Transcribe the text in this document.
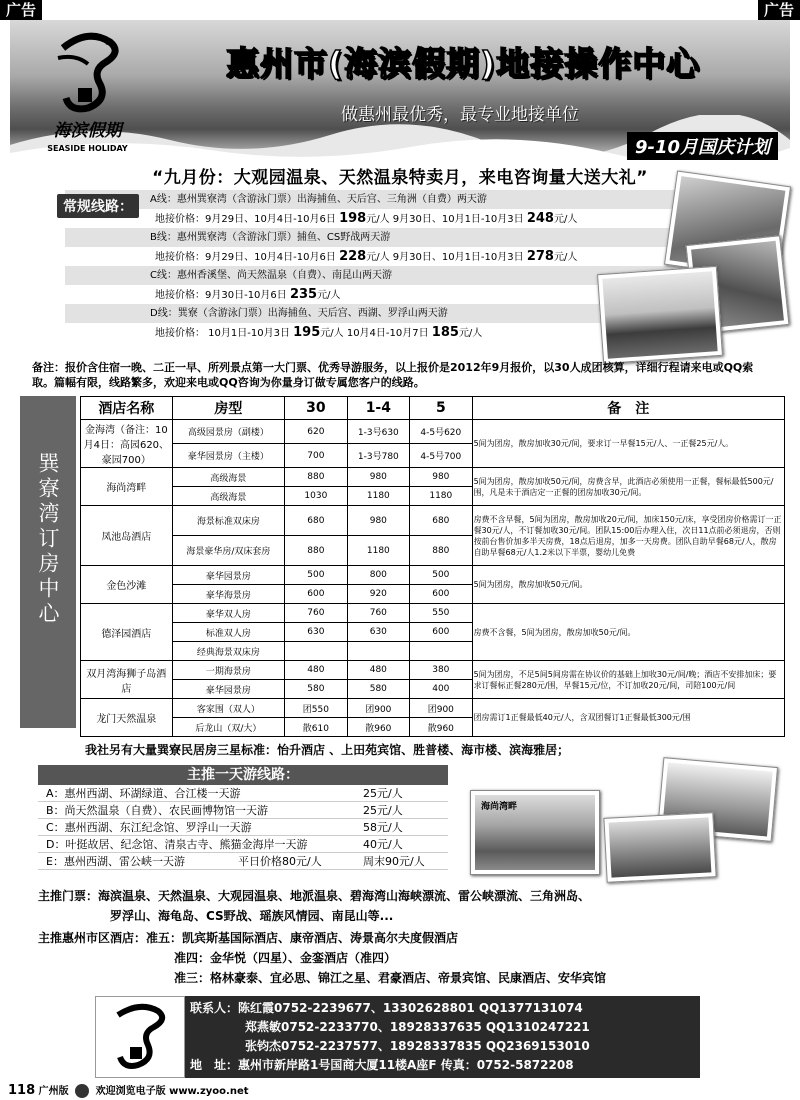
广告	广告
海滨假期
SEASIDE HOLIDAY
惠州市(海滨假期)地接操作中心
做惠州最优秀，最专业地接单位
9-10月国庆计划
“九月份：大观园温泉、天然温泉特卖月，来电咨询量大送大礼”
常规线路：	A线：惠州巽寮湾（含游泳门票）出海捕鱼、天后宫、三角洲（自费）两天游
地接价格：9月29日、10月4日-10月6日 198元/人 9月30日、10月1日-10月3日 248元/人
B线：惠州巽寮湾（含游泳门票）捕鱼、CS野战两天游
地接价格：9月29日、10月4日-10月6日 228元/人 9月30日、10月1日-10月3日 278元/人
C线：惠州香溪堡、尚天然温泉（自费）、南昆山两天游
地接价格：9月30日-10月6日 235元/人
D线：巽寮（含游泳门票）出海捕鱼、天后宫、西湖、罗浮山两天游
地接价格： 10月1日-10月3日 195元/人 10月4日-10月7日 185元/人
备注：报价含住宿一晚、二正一早、所列景点第一大门票、优秀导游服务，以上报价是2012年9月报价，以30人成团核算，详细行程请来电或QQ索取。篇幅有限，线路繁多，欢迎来电或QQ咨询为你量身订做专属您客户的线路。
巽寮湾订房中心
酒店名称	房型	30	1-4	5	备　注
金海湾（备注：10月4日：高园620、豪园700）	高级园景房（副楼）	620	1-3号630	4-5号620	5间为团房，散房加收30元/间，要求订一早餐15元/人、一正餐25元/人。
	豪华园景房（主楼）	700	1-3号780	4-5号700	
海尚湾畔	高级海景	880	980	980	5间为团房，散房加收50元/间，房费含早，此酒店必须使用一正餐，餐标最低500元/围，凡是未于酒店定一正餐的团房加收30元/间。
	高级海景	1030	1180	1180	
凤池岛酒店	海景标准双床房	680	980	680	房费不含早餐，5间为团房，散房加收20元/间，加床150元/床，享受团房价格需订一正餐30元/人，不订餐加收30元/间。团队15:00后办理入住，次日11点前必须退房，否则按前台售价加多半天房费，18点后退房，加多一天房费。团队自助早餐68元/人，散房自助早餐68元/人1.2米以下半票，婴幼儿免费
	海景豪华房/双床套房	880	1180	880	
金色沙滩	豪华园景房	500	800	500	5间为团房，散房加收50元/间。
	豪华海景房	600	920	600	
德泽园酒店	豪华双人房	760	760	550	房费不含餐，5间为团房，散房加收50元/间。
	标准双人房	630	630	600	
	经典海景双床房				
双月湾海狮子岛酒店	一期海景房	480	480	380	5间为团房，不足5间5间房需在协议价的基础上加收30元/间/晚；酒店不安排加床；要求订餐标正餐280元/围，早餐15元/位，不订加收20元/间，司陪100元/间
	豪华园景房	580	580	400	
龙门天然温泉	客家围（双人）	团550	团900	团900	团房需订1正餐最低40元/人，含双团餐订1正餐最低300元/围
	后龙山（双/大）	散610	散960	散960	
我社另有大量巽寮民居房三星标准：怡升酒店 、上田苑宾馆、胜普楼、海市楼、滨海雅居；
主推一天游线路：
A：惠州西湖、环湖绿道、合江楼一天游	25元/人
B：尚天然温泉（自费）、农民画博物馆一天游	25元/人
C：惠州西湖、东江纪念馆、罗浮山一天游	58元/人
D：叶挺故居、纪念馆、清泉古寺、熊猫金海岸一天游	40元/人
E：惠州西湖、雷公峡一天游	平日价格80元/人	周末90元/人
海尚湾畔
主推门票：海滨温泉、天然温泉、大观园温泉、地派温泉、碧海湾山海峡漂流、雷公峡漂流、三角洲岛、
罗浮山、海龟岛、CS野战、瑶族风情园、南昆山等...
主推惠州市区酒店：准五：凯宾斯基国际酒店、康帝酒店、涛景高尔夫度假酒店
准四：金华悦（四星）、金銮酒店（准四）
准三：格林豪泰、宜必思、锦江之星、君豪酒店、帝景宾馆、民康酒店、安华宾馆
联系人：陈红霞0752-2239677、13302628801 QQ1377131074
郑燕敏0752-2233770、18928337635 QQ1310247221
张钧杰0752-2237577、18928337835 QQ2369153010
地　址：惠州市新岸路1号国商大厦11楼A座F 传真：0752-5872208
118 广州版	欢迎浏览电子版 www.zyoo.net
